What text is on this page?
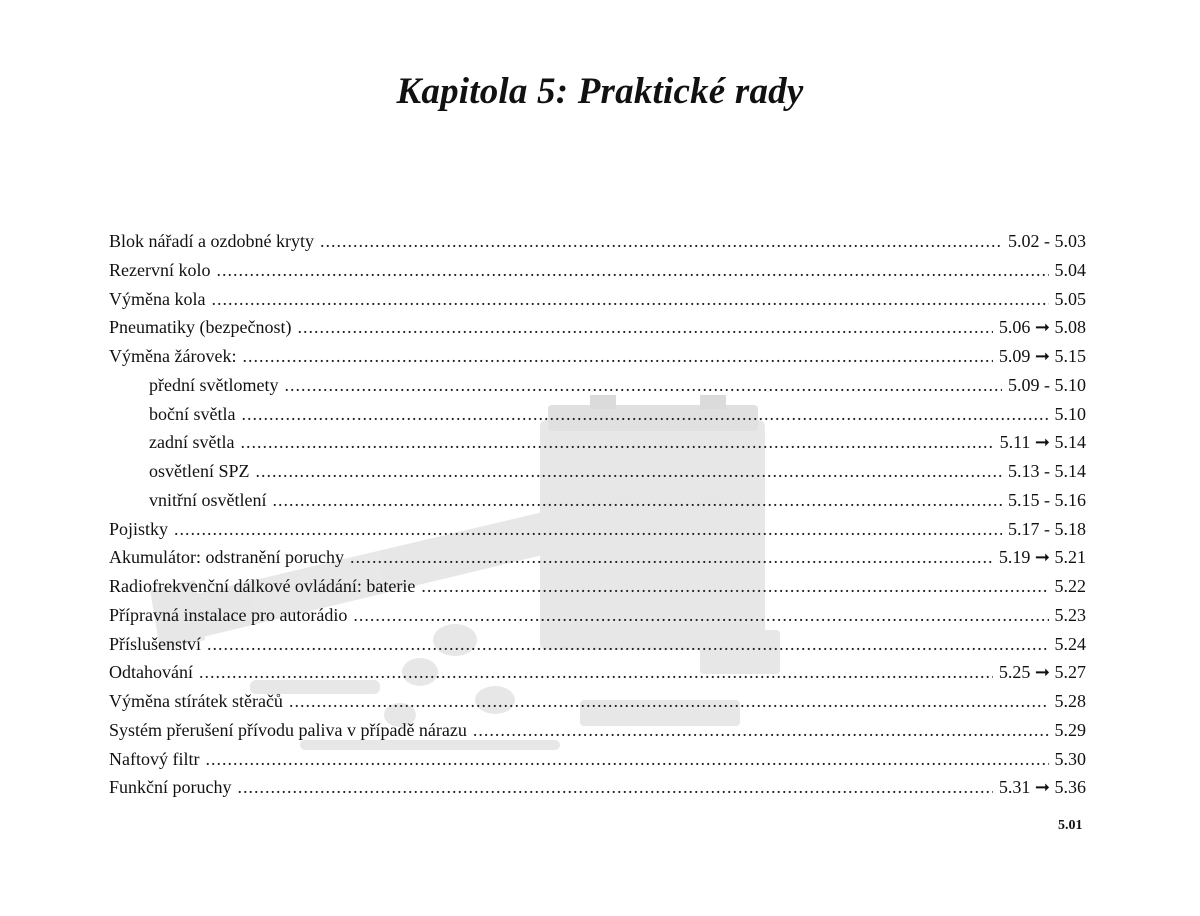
Kapitola 5: Praktické rady
Blok nářadí a ozdobné kryty .....	5.02 - 5.03
Rezervní kolo .....	5.04
Výměna kola .....	5.05
Pneumatiky (bezpečnost) .....	5.06 ➞ 5.08
Výměna žárovek: .....	5.09 ➞ 5.15
přední světlomety .....	5.09 - 5.10
boční světla .....	5.10
zadní světla .....	5.11 ➞ 5.14
osvětlení SPZ .....	5.13 - 5.14
vnitřní osvětlení .....	5.15 - 5.16
Pojistky .....	5.17 - 5.18
Akumulátor: odstranění poruchy .....	5.19 ➞ 5.21
Radiofrekvenční dálkové ovládání: baterie .....	5.22
Přípravná instalace pro autorádio .....	5.23
Příslušenství .....	5.24
Odtahování .....	5.25 ➞ 5.27
Výměna stírátek stěračů .....	5.28
Systém přerušení přívodu paliva v případě nárazu .....	5.29
Naftový filtr .....	5.30
Funkční poruchy .....	5.31 ➞ 5.36
5.01
